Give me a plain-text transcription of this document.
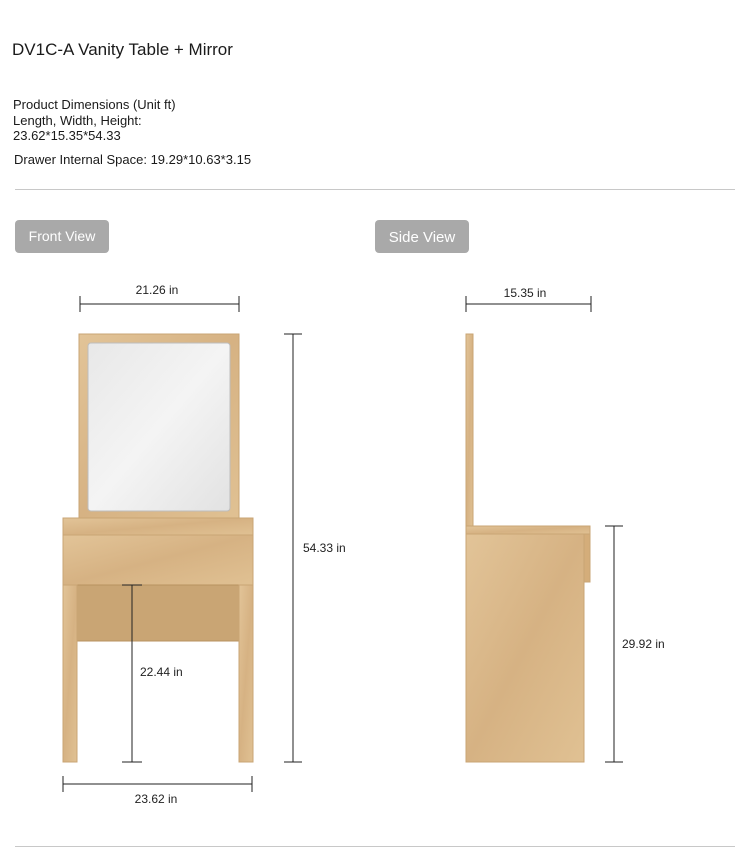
DV1C-A Vanity Table + Mirror
Product Dimensions (Unit ft) Length, Width, Height: 23.62*15.35*54.33
Drawer Internal Space: 19.29*10.63*3.15
Front View	Side View
21.26 in
54.33 in
22.44 in
23.62 in
15.35 in
29.92 in
